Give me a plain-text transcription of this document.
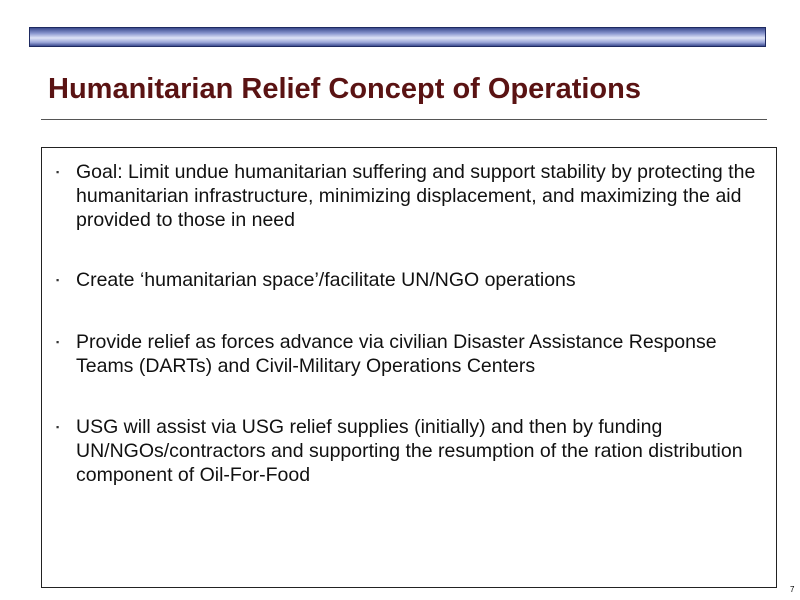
Humanitarian Relief Concept of Operations
▪ Goal: Limit undue humanitarian suffering and support stability by protecting the humanitarian infrastructure, minimizing displacement, and maximizing the aid provided to those in need
▪ Create ‘humanitarian space’/facilitate UN/NGO operations
▪ Provide relief as forces advance via civilian Disaster Assistance Response Teams (DARTs) and Civil-Military Operations Centers
▪ USG will assist via USG relief supplies (initially) and then by funding UN/NGOs/contractors and supporting the resumption of the ration distribution component of Oil-For-Food
7
